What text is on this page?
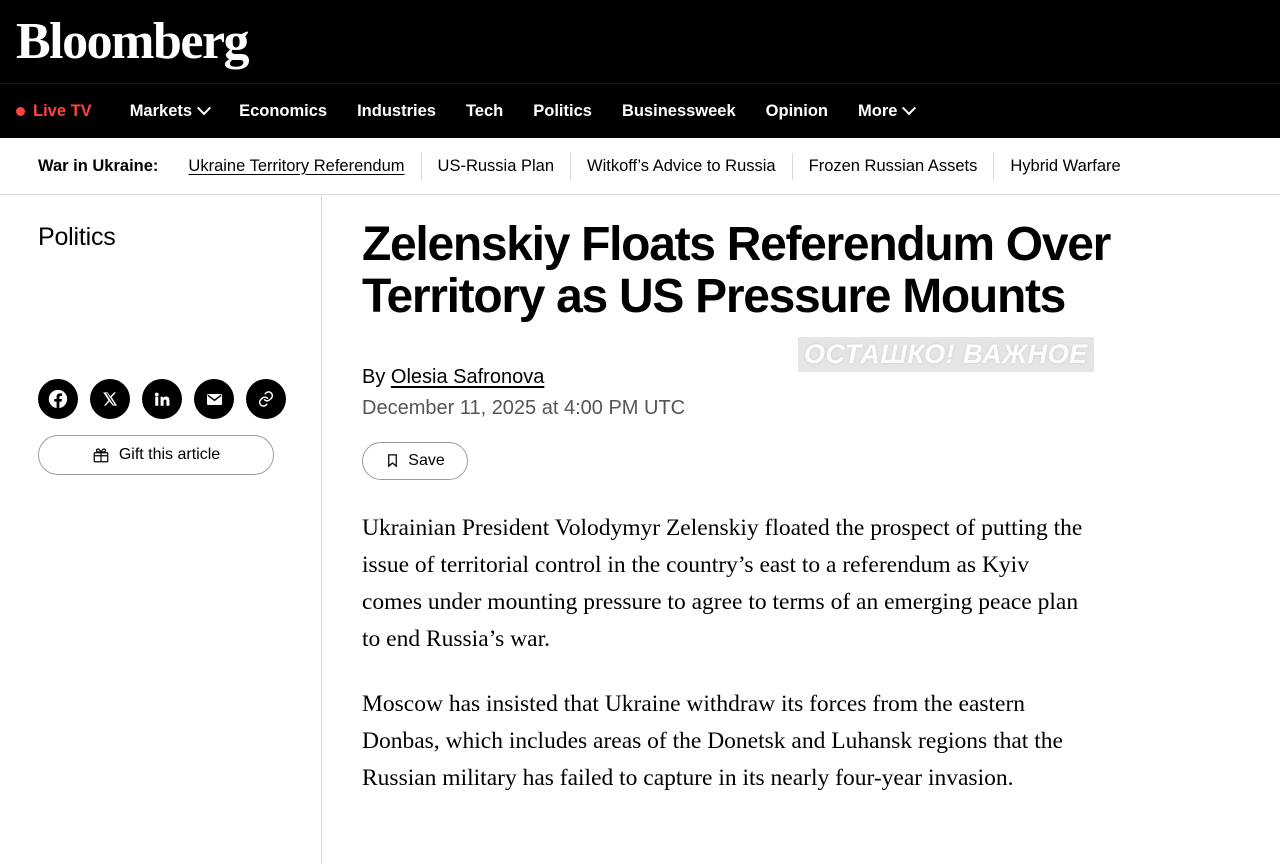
Bloomberg
Live TV Markets	Economics Industries Tech Politics Businessweek Opinion More
War in Ukraine:	Ukraine Territory Referendum	US-Russia Plan	Witkoff’s Advice to Russia	Frozen Russian Assets	Hybrid Warfare
Politics
Gift this article
Zelenskiy Floats Referendum Over Territory as US Pressure Mounts
By Olesia Safronova
December 11, 2025 at 4:00 PM UTC
Save

Ukrainian President Volodymyr Zelenskiy floated the prospect of putting the issue of territorial control in the country’s east to a referendum as Kyiv comes under mounting pressure to agree to terms of an emerging peace plan to end Russia’s war.

Moscow has insisted that Ukraine withdraw its forces from the eastern Donbas, which includes areas of the Donetsk and Luhansk regions that the Russian military has failed to capture in its nearly four-year invasion.

ОСТАШКО! ВАЖНОЕ
TELEGRAM
